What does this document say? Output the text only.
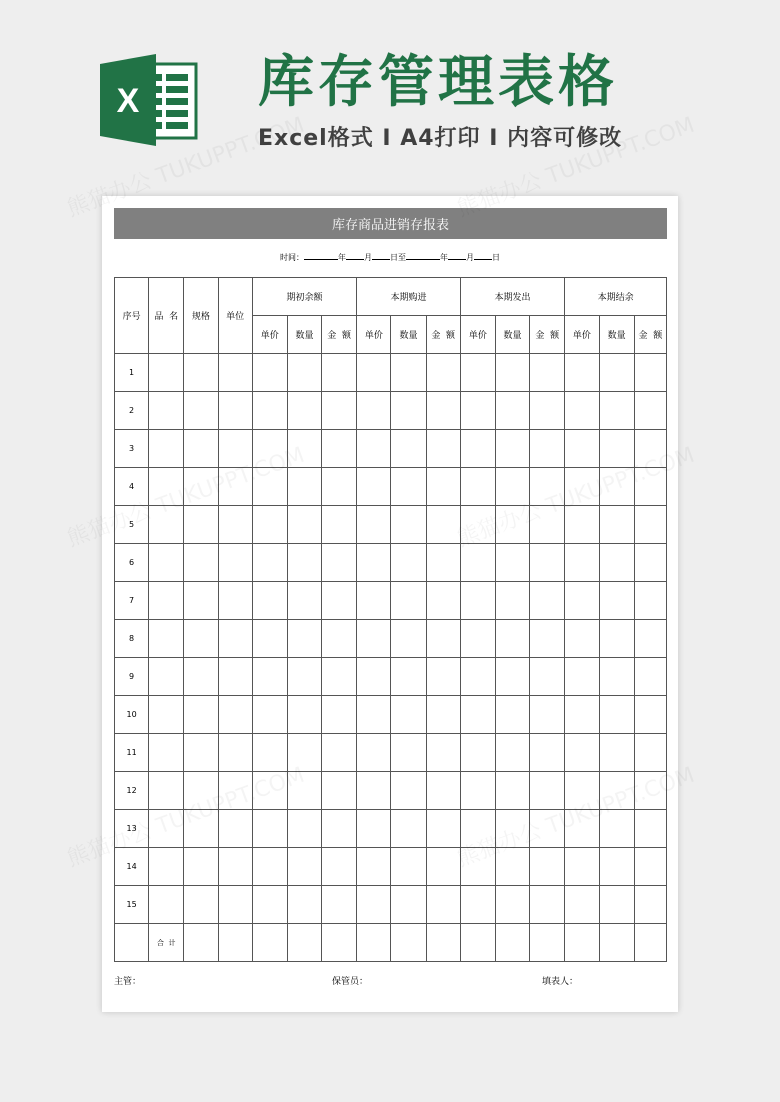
X 库存管理表格
Excel格式 I A4打印 I 内容可修改
库存商品进销存报表
时间：	年 月 日至	年 月 日
序号	品  名	规格	单位	期初余额			本期购进			本期发出			本期结余		
				单价	数量	金  额	单价	数量	金  额	单价	数量	金  额	单价	数量	金  额
1															
2															
3															
4															
5															
6															
7															
8															
9															
10															
11															
12															
13															
14															
15															
	合  计														
主管：	保管员：	填表人：
